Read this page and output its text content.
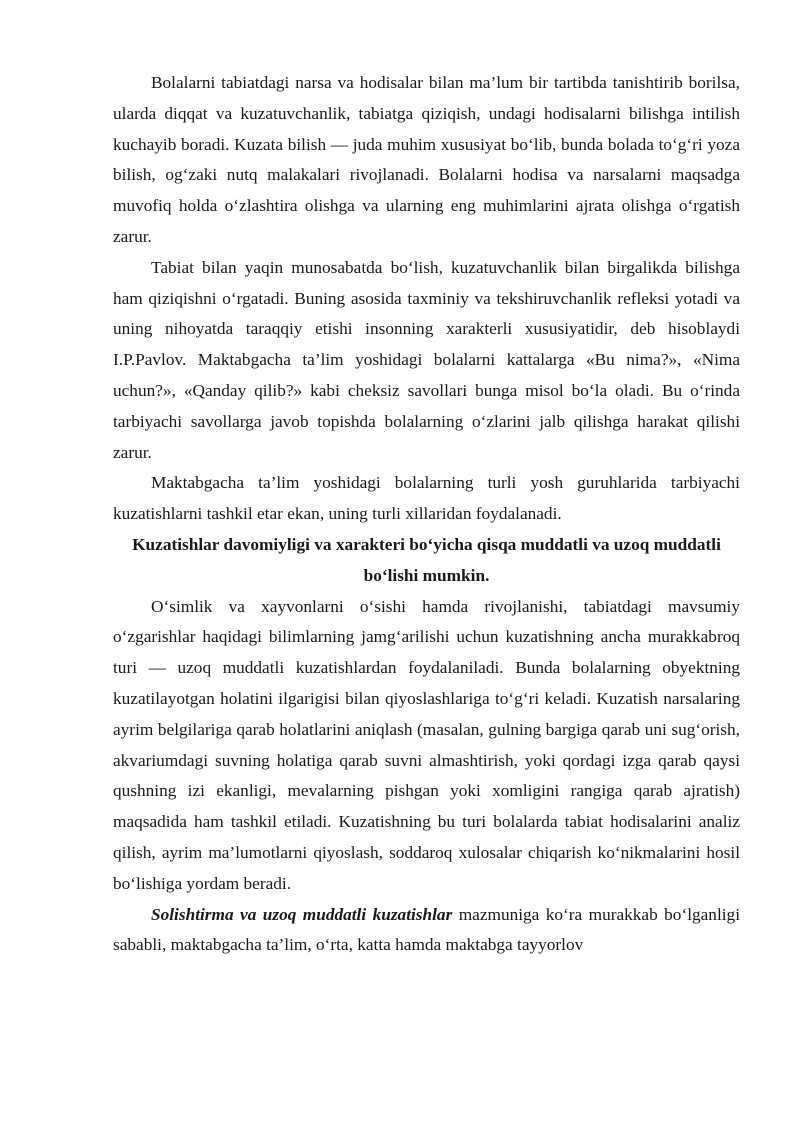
Bolalarni tabiatdagi narsa va hodisalar bilan ma’lum bir tartibda tanishtirib borilsa, ularda diqqat va kuzatuvchanlik, tabiatga qiziqish, undagi hodisalarni bilishga intilish kuchayib boradi. Kuzata bilish — juda muhim xususiyat bo‘lib, bunda bolada to‘g‘ri yoza bilish, og‘zaki nutq malakalari rivojlanadi. Bolalarni hodisa va narsalarni maqsadga muvofiq holda o‘zlashtira olishga va ularning eng muhimlarini ajrata olishga o‘rgatish zarur.

Tabiat bilan yaqin munosabatda bo‘lish, kuzatuvchanlik bilan birgalikda bilishga ham qiziqishni o‘rgatadi. Buning asosida taxminiy va tekshiruvchanlik refleksi yotadi va uning nihoyatda taraqqiy etishi insonning xarakterli xususiyatidir, deb hisoblaydi I.P.Pavlov. Maktabgacha ta’lim yoshidagi bolalarni kattalarga «Bu nima?», «Nima uchun?», «Qanday qilib?» kabi cheksiz savollari bunga misol bo‘la oladi. Bu o‘rinda tarbiyachi savollarga javob topishda bolalarning o‘zlarini jalb qilishga harakat qilishi zarur.

Maktabgacha ta’lim yoshidagi bolalarning turli yosh guruhlarida tarbiyachi kuzatishlarni tashkil etar ekan, uning turli xillaridan foydalanadi.

Kuzatishlar davomiyligi va xarakteri bo‘yicha qisqa muddatli va uzoq muddatli bo‘lishi mumkin.

O‘simlik va xayvonlarni o‘sishi hamda rivojlanishi, tabiatdagi mavsumiy o‘zgarishlar haqidagi bilimlarning jamg‘arilishi uchun kuzatishning ancha murakkabroq turi — uzoq muddatli kuzatishlardan foydalaniladi. Bunda bolalarning obyektning kuzatilayotgan holatini ilgarigisi bilan qiyoslashlariga to‘g‘ri keladi. Kuzatish narsalaring ayrim belgilariga qarab holatlarini aniqlash (masalan, gulning bargiga qarab uni sug‘orish, akvariumdagi suvning holatiga qarab suvni almashtirish, yoki qordagi izga qarab qaysi qushning izi ekanligi, mevalarning pishgan yoki xomligini rangiga qarab ajratish) maqsadida ham tashkil etiladi. Kuzatishning bu turi bolalarda tabiat hodisalarini analiz qilish, ayrim ma’lumotlarni qiyoslash, soddaroq xulosalar chiqarish ko‘nikmalarini hosil bo‘lishiga yordam beradi.

Solishtirma va uzoq muddatli kuzatishlar mazmuniga ko‘ra murakkab bo‘lganligi sababli, maktabgacha ta’lim, o‘rta, katta hamda maktabga tayyorlov
